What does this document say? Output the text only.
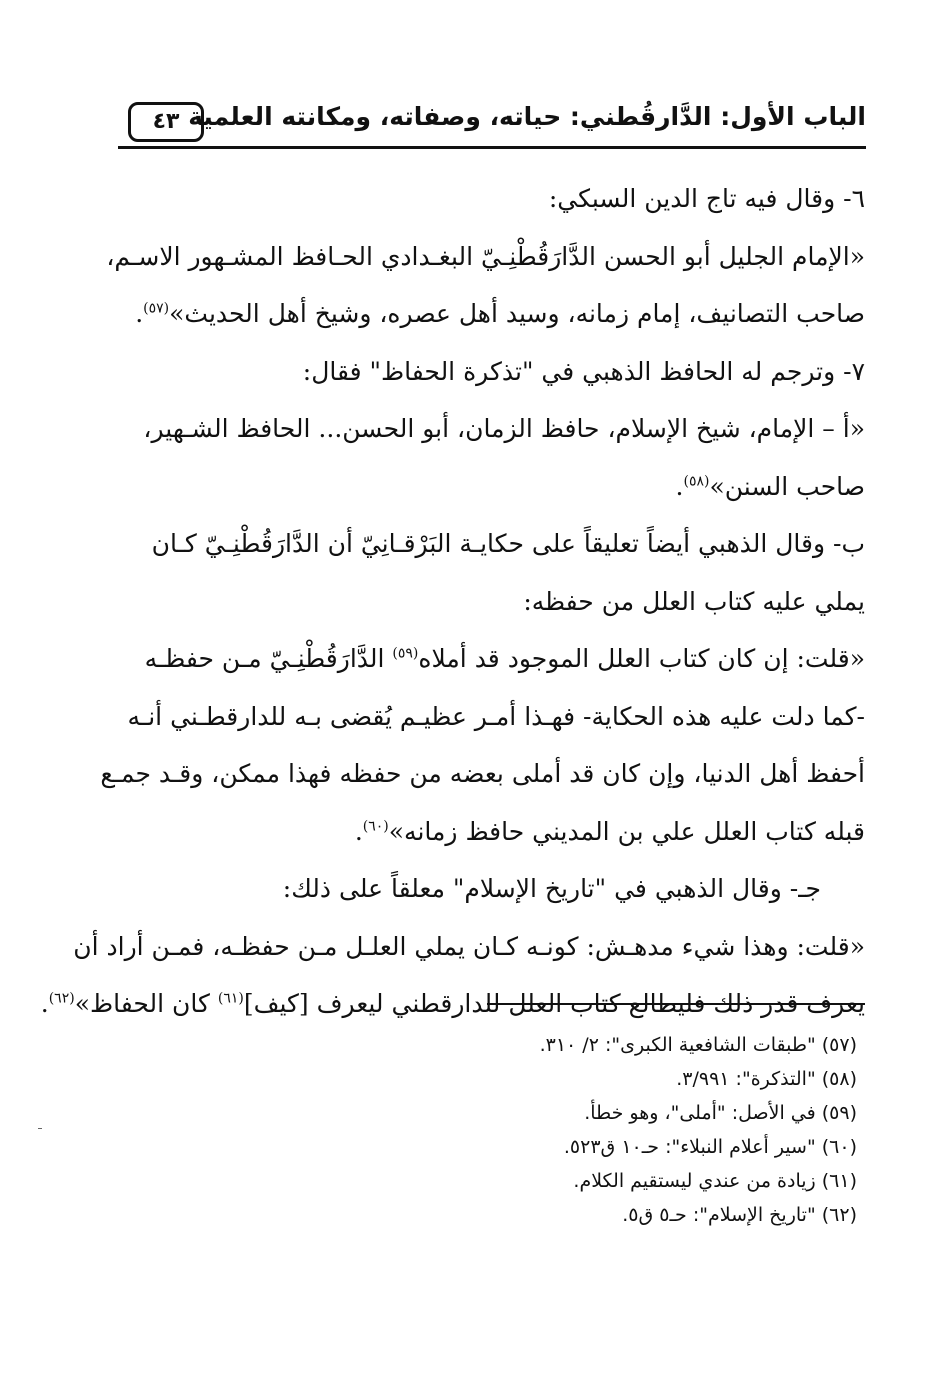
الباب الأول: الدَّارقُطني: حياته، وصفاته، ومكانته العلمية
٤٣
٦- وقال فيه تاج الدين السبكي:
«الإمام الجليل أبو الحسن الدَّارَقُطْنِـيّ البغـدادي الحـافظ المشـهور الاسـم،
صاحب التصانيف، إمام زمانه، وسيد أهل عصره، وشيخ أهل الحديث»$^{(٥٧)}$.
٧- وترجم له الحافظ الذهبي في "تذكرة الحفاظ" فقال:
«أ – الإمام، شيخ الإسلام، حافظ الزمان، أبو الحسن... الحافظ الشـهير،
صاحب السنن»$^{(٥٨)}$.
ب- وقال الذهبي أيضاً تعليقاً على حكايـة البَرْقـانِيّ أن الدَّارَقُطْنِـيّ كـان
يملي عليه كتاب العلل من حفظه:
«قلت: إن كان كتاب العلل الموجود قد أملاه$^{(٥٩)}$ الدَّارَقُطْنِـيّ مـن حفظـه
-كما دلت عليه هذه الحكاية- فهـذا أمـر عظيـم يُقضى بـه للدارقطـني أنـه
أحفظ أهل الدنيا، وإن كان قد أملى بعضه من حفظه فهذا ممكن، وقـد جمـع
قبله كتاب العلل علي بن المديني حافظ زمانه»$^{(٦٠)}$.
جـ- وقال الذهبي في "تاريخ الإسلام" معلقاً على ذلك:
«قلت: وهذا شيء مدهـش: كونـه كـان يملي العلـل مـن حفظـه، فمـن أراد أن
يعرف قدر ذلك فليطالع كتاب العلل للدارقطني ليعرف [كيف]$^{(٦١)}$ كان الحفاظ»$^{(٦٢)}$.
(٥٧) "طبقات الشافعية الكبرى": ٢/ ٣١٠.
(٥٨) "التذكرة": ٣/٩٩١.
(٥٩) في الأصل: "أملى"، وهو خطأ.
(٦٠) "سير أعلام النبلاء": حـ١٠ ق٥٢٣.
(٦١) زيادة من عندي ليستقيم الكلام.
(٦٢) "تاريخ الإسلام": حـ٥ ق٥.
